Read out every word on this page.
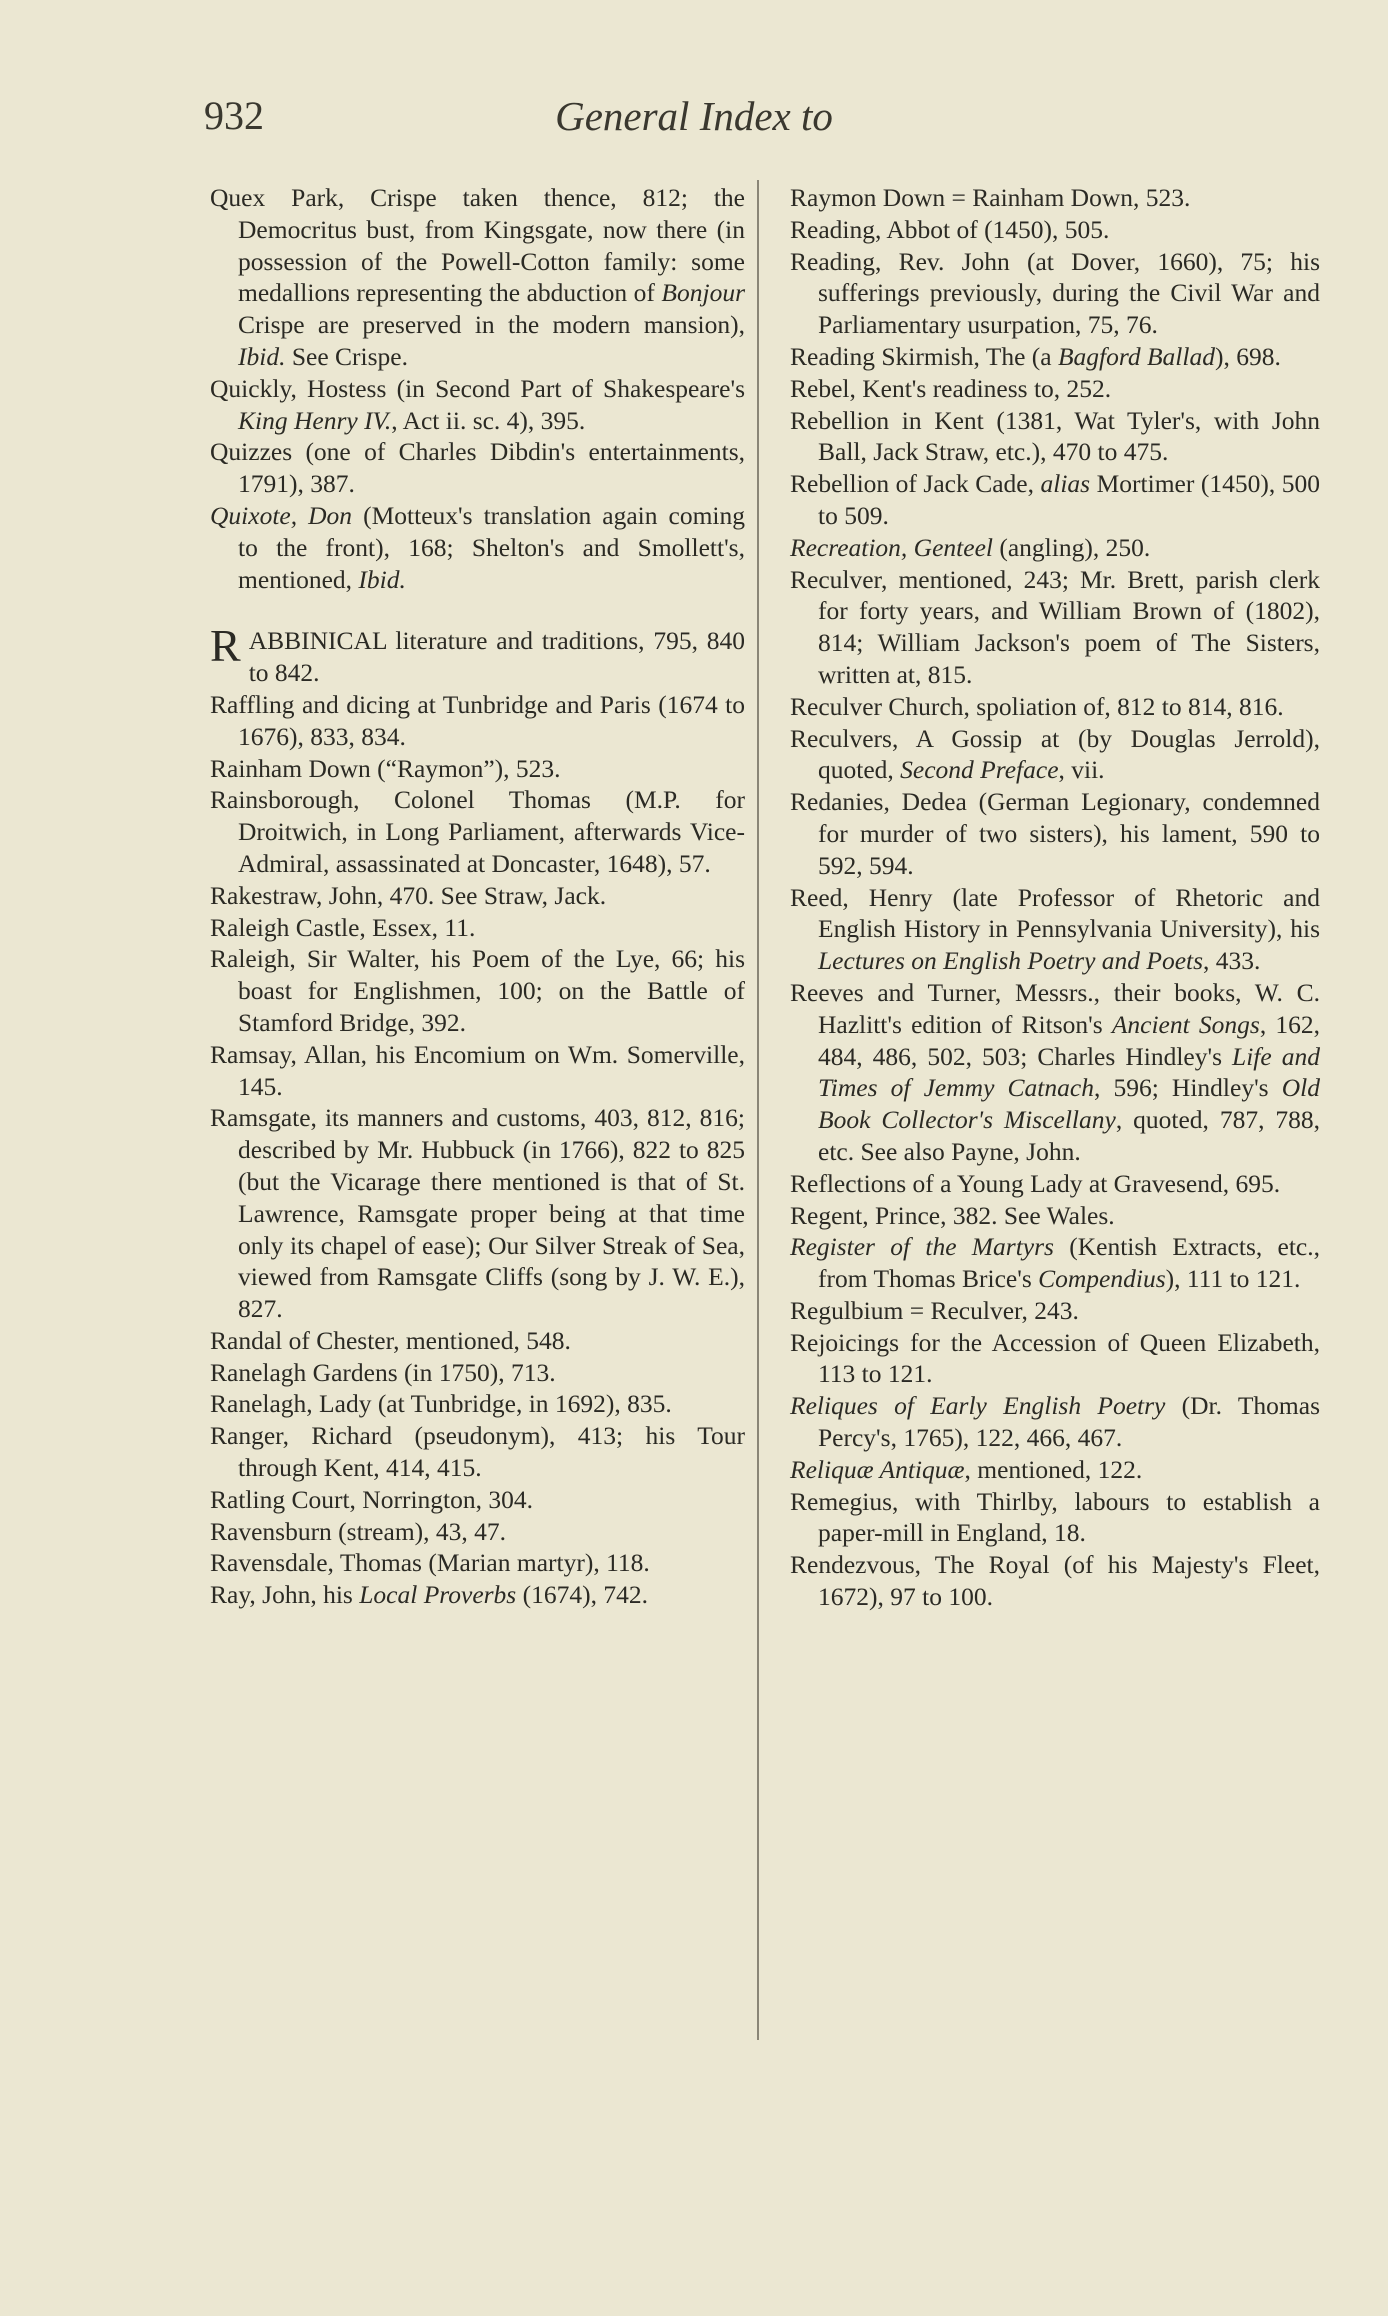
932	General Index to

Quex Park, Crispe taken thence, 812; the Democritus bust, from Kingsgate, now there (in possession of the Powell-Cotton family: some medallions representing the abduction of Bonjour Crispe are preserved in the modern mansion), Ibid. See Crispe.

Quickly, Hostess (in Second Part of Shakespeare's King Henry IV., Act ii. sc. 4), 395.

Quizzes (one of Charles Dibdin's entertainments, 1791), 387.

Quixote, Don (Motteux's translation again coming to the front), 168; Shelton's and Smollett's, mentioned, Ibid.

RABBINICAL literature and traditions, 795, 840 to 842.

Raffling and dicing at Tunbridge and Paris (1674 to 1676), 833, 834.

Rainham Down (“Raymon”), 523.

Rainsborough, Colonel Thomas (M.P. for Droitwich, in Long Parliament, afterwards Vice-Admiral, assassinated at Doncaster, 1648), 57.

Rakestraw, John, 470. See Straw, Jack.

Raleigh Castle, Essex, 11.

Raleigh, Sir Walter, his Poem of the Lye, 66; his boast for Englishmen, 100; on the Battle of Stamford Bridge, 392.

Ramsay, Allan, his Encomium on Wm. Somerville, 145.

Ramsgate, its manners and customs, 403, 812, 816; described by Mr. Hubbuck (in 1766), 822 to 825 (but the Vicarage there mentioned is that of St. Lawrence, Ramsgate proper being at that time only its chapel of ease); Our Silver Streak of Sea, viewed from Ramsgate Cliffs (song by J. W. E.), 827.

Randal of Chester, mentioned, 548.

Ranelagh Gardens (in 1750), 713.

Ranelagh, Lady (at Tunbridge, in 1692), 835.

Ranger, Richard (pseudonym), 413; his Tour through Kent, 414, 415.

Ratling Court, Norrington, 304.

Ravensburn (stream), 43, 47.

Ravensdale, Thomas (Marian martyr), 118.

Ray, John, his Local Proverbs (1674), 742.

Raymon Down = Rainham Down, 523.

Reading, Abbot of (1450), 505.

Reading, Rev. John (at Dover, 1660), 75; his sufferings previously, during the Civil War and Parliamentary usurpation, 75, 76.

Reading Skirmish, The (a Bagford Ballad), 698.

Rebel, Kent's readiness to, 252.

Rebellion in Kent (1381, Wat Tyler's, with John Ball, Jack Straw, etc.), 470 to 475.

Rebellion of Jack Cade, alias Mortimer (1450), 500 to 509.

Recreation, Genteel (angling), 250.

Reculver, mentioned, 243; Mr. Brett, parish clerk for forty years, and William Brown of (1802), 814; William Jackson's poem of The Sisters, written at, 815.

Reculver Church, spoliation of, 812 to 814, 816.

Reculvers, A Gossip at (by Douglas Jerrold), quoted, Second Preface, vii.

Redanies, Dedea (German Legionary, condemned for murder of two sisters), his lament, 590 to 592, 594.

Reed, Henry (late Professor of Rhetoric and English History in Pennsylvania University), his Lectures on English Poetry and Poets, 433.

Reeves and Turner, Messrs., their books, W. C. Hazlitt's edition of Ritson's Ancient Songs, 162, 484, 486, 502, 503; Charles Hindley's Life and Times of Jemmy Catnach, 596; Hindley's Old Book Collector's Miscellany, quoted, 787, 788, etc. See also Payne, John.

Reflections of a Young Lady at Gravesend, 695.

Regent, Prince, 382. See Wales.

Register of the Martyrs (Kentish Extracts, etc., from Thomas Brice's Compendius), 111 to 121.

Regulbium = Reculver, 243.

Rejoicings for the Accession of Queen Elizabeth, 113 to 121.

Reliques of Early English Poetry (Dr. Thomas Percy's, 1765), 122, 466, 467.

Reliquæ Antiquæ, mentioned, 122.

Remegius, with Thirlby, labours to establish a paper-mill in England, 18.

Rendezvous, The Royal (of his Majesty's Fleet, 1672), 97 to 100.
